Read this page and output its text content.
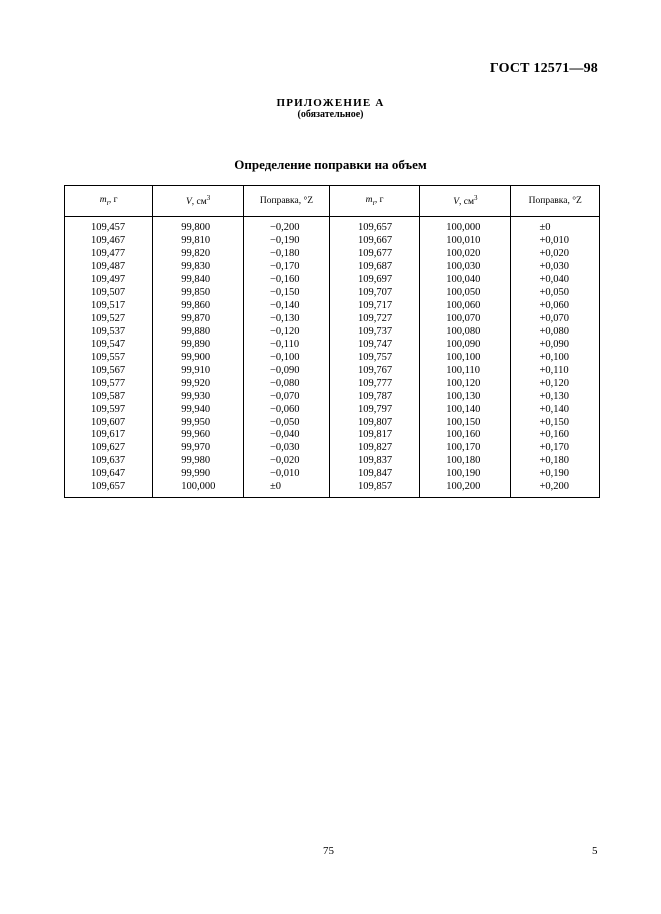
ГОСТ 12571—98
ПРИЛОЖЕНИЕ А
(обязательное)
Определение поправки на объем
$m_r$, г	V, $см^3$	Поправка, °Z	$m_r$, г	V, $см^3$	Поправка, °Z
109,457	99,800	−0,200	109,657	100,000	±0
109,467	99,810	−0,190	109,667	100,010	+0,010
109,477	99,820	−0,180	109,677	100,020	+0,020
109,487	99,830	−0,170	109,687	100,030	+0,030
109,497	99,840	−0,160	109,697	100,040	+0,040
109,507	99,850	−0,150	109,707	100,050	+0,050
109,517	99,860	−0,140	109,717	100,060	+0,060
109,527	99,870	−0,130	109,727	100,070	+0,070
109,537	99,880	−0,120	109,737	100,080	+0,080
109,547	99,890	−0,110	109,747	100,090	+0,090
109,557	99,900	−0,100	109,757	100,100	+0,100
109,567	99,910	−0,090	109,767	100,110	+0,110
109,577	99,920	−0,080	109,777	100,120	+0,120
109,587	99,930	−0,070	109,787	100,130	+0,130
109,597	99,940	−0,060	109,797	100,140	+0,140
109,607	99,950	−0,050	109,807	100,150	+0,150
109,617	99,960	−0,040	109,817	100,160	+0,160
109,627	99,970	−0,030	109,827	100,170	+0,170
109,637	99,980	−0,020	109,837	100,180	+0,180
109,647	99,990	−0,010	109,847	100,190	+0,190
109,657	100,000	±0	109,857	100,200	+0,200
75	5
